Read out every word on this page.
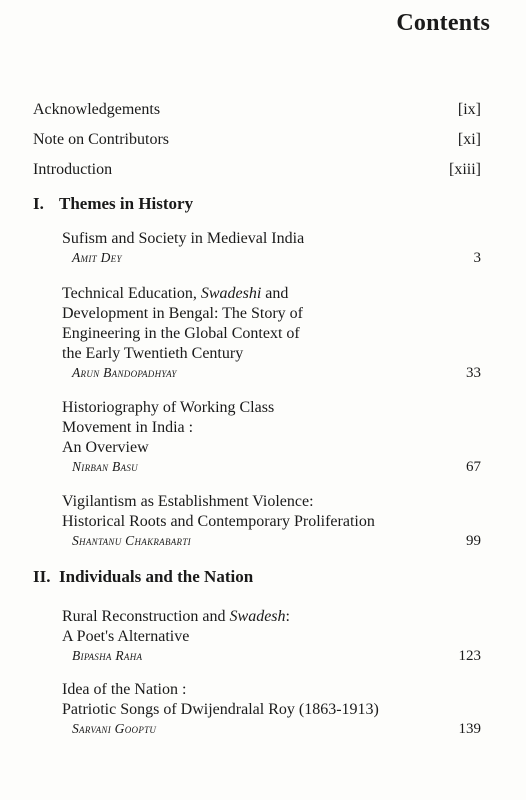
Contents
Acknowledgements	[ix]
Note on Contributors	[xi]
Introduction	[xiii]
I. Themes in History
Sufism and Society in Medieval India
Amit Dey	3
Technical Education, Swadeshi and
Development in Bengal: The Story of
Engineering in the Global Context of
the Early Twentieth Century
Arun Bandopadhyay	33
Historiography of Working Class
Movement in India :
An Overview
Nirban Basu	67
Vigilantism as Establishment Violence:
Historical Roots and Contemporary Proliferation
Shantanu Chakrabarti	99
II. Individuals and the Nation
Rural Reconstruction and Swadesh:
A Poet's Alternative
Bipasha Raha	123
Idea of the Nation :
Patriotic Songs of Dwijendralal Roy (1863-1913)
Sarvani Gooptu	139
